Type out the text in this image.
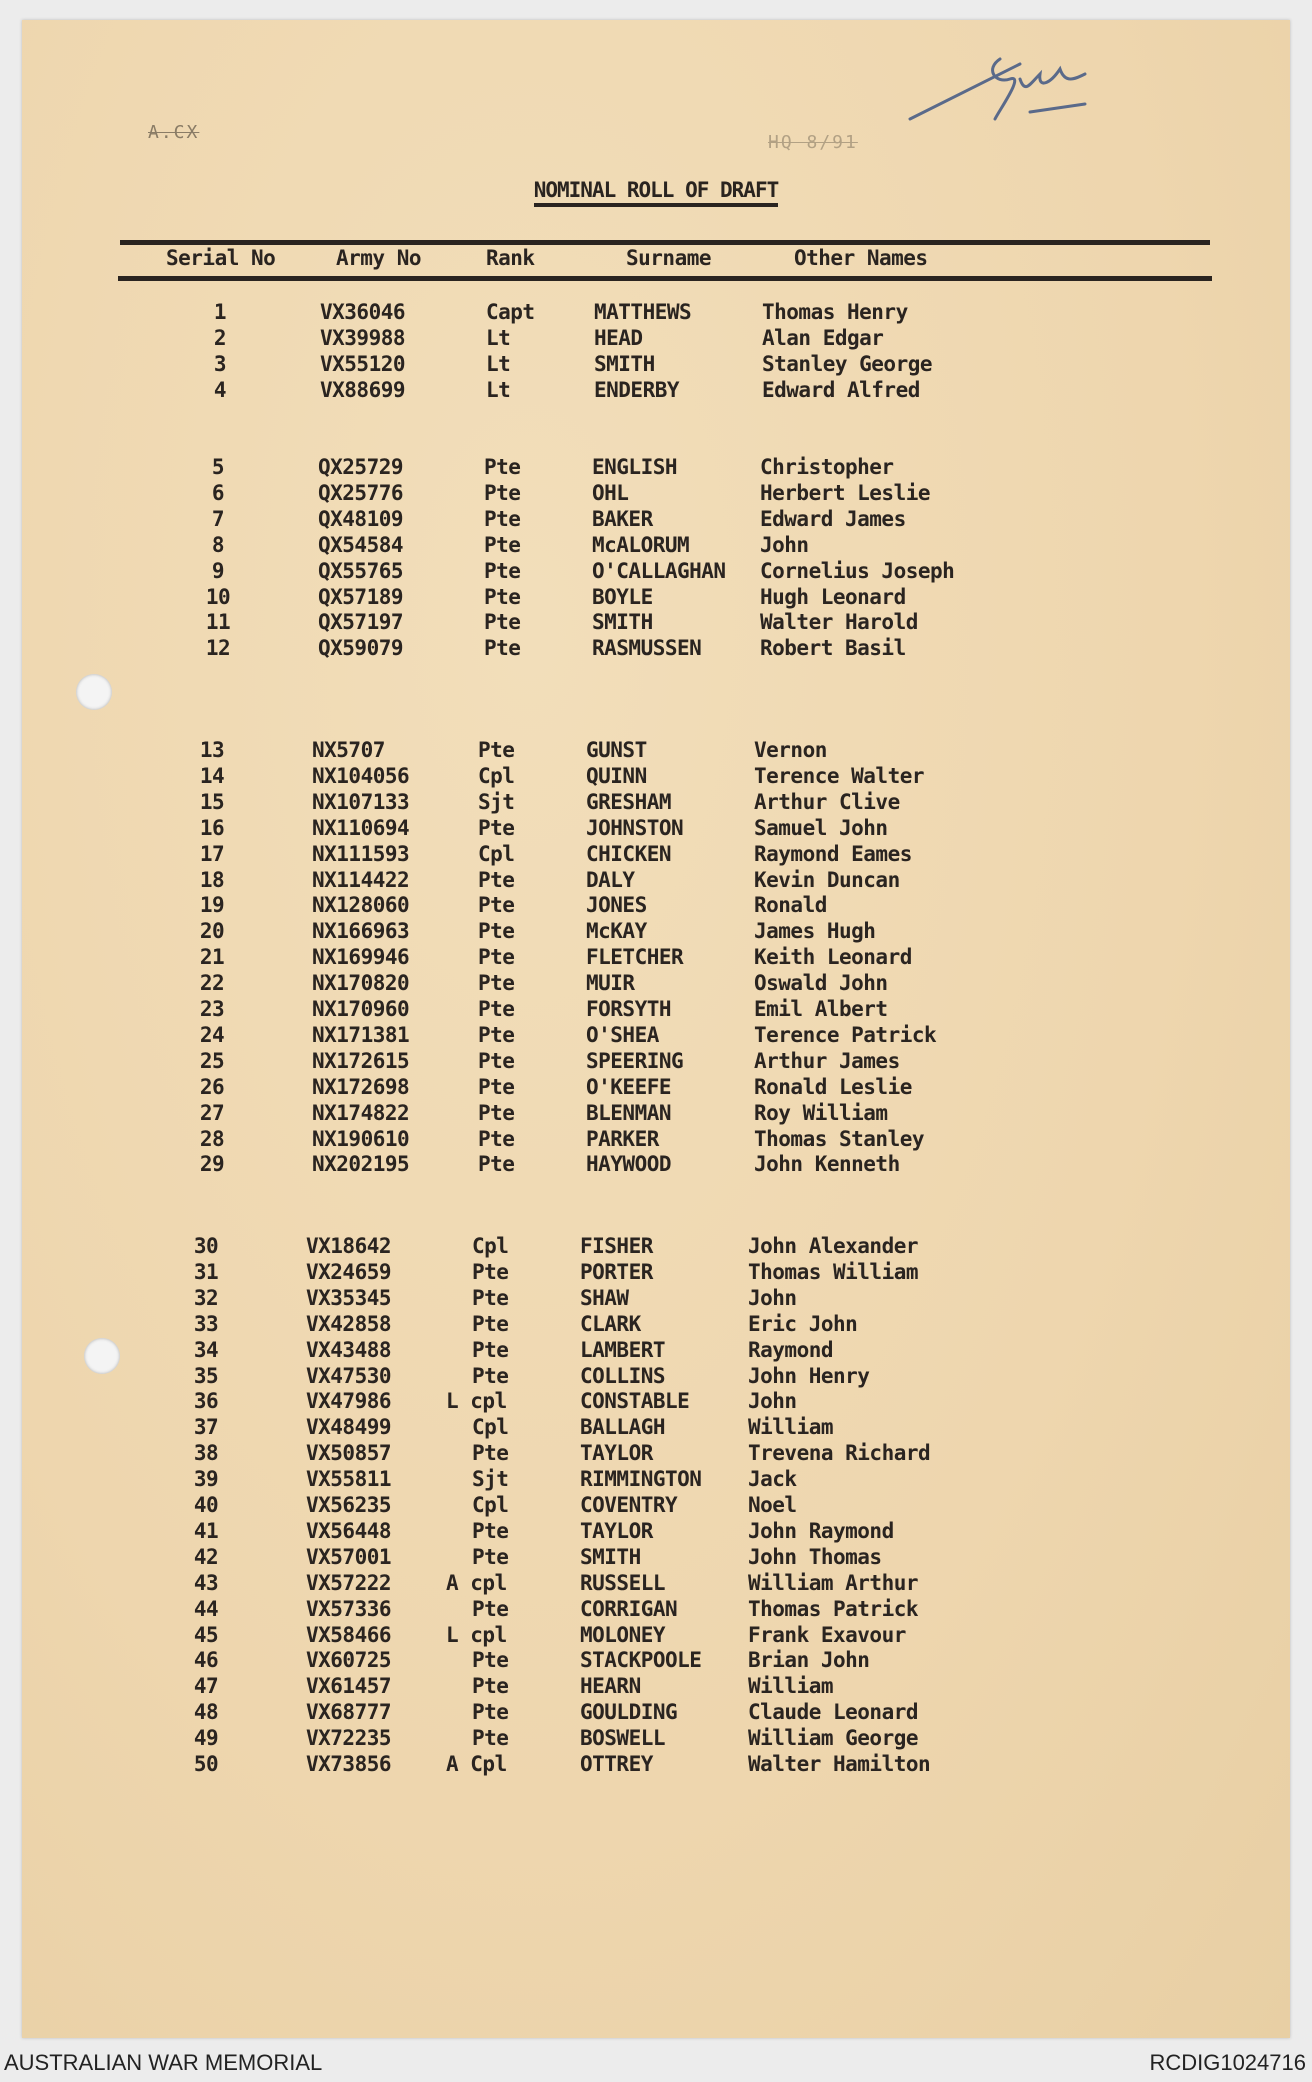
A.CX	HQ 8/91
NOMINAL ROLL OF DRAFT
Serial No	Army No	Rank	Surname	Other Names
1	VX36046	Capt	MATTHEWS	Thomas Henry
2	VX39988	Lt	HEAD	Alan Edgar
3	VX55120	Lt	SMITH	Stanley George
4	VX88699	Lt	ENDERBY	Edward Alfred
5	QX25729	Pte	ENGLISH	Christopher
6	QX25776	Pte	OHL	Herbert Leslie
7	QX48109	Pte	BAKER	Edward James
8	QX54584	Pte	McALORUM	John
9	QX55765	Pte	O'CALLAGHAN Cornelius Joseph
10	QX57189	Pte	BOYLE	Hugh Leonard
11	QX57197	Pte	SMITH	Walter Harold
12	QX59079	Pte	RASMUSSEN	Robert Basil
13	NX5707	Pte	GUNST	Vernon
14	NX104056	Cpl	QUINN	Terence Walter
15	NX107133	Sjt	GRESHAM	Arthur Clive
16	NX110694	Pte	JOHNSTON	Samuel John
17	NX111593	Cpl	CHICKEN	Raymond Eames
18	NX114422	Pte	DALY	Kevin Duncan
19	NX128060	Pte	JONES	Ronald
20	NX166963	Pte	McKAY	James Hugh
21	NX169946	Pte	FLETCHER	Keith Leonard
22	NX170820	Pte	MUIR	Oswald John
23	NX170960	Pte	FORSYTH	Emil Albert
24	NX171381	Pte	O'SHEA	Terence Patrick
25	NX172615	Pte	SPEERING	Arthur James
26	NX172698	Pte	O'KEEFE	Ronald Leslie
27	NX174822	Pte	BLENMAN	Roy William
28	NX190610	Pte	PARKER	Thomas Stanley
29	NX202195	Pte	HAYWOOD	John Kenneth
30	VX18642	Cpl	FISHER	John Alexander
31	VX24659	Pte	PORTER	Thomas William
32	VX35345	Pte	SHAW	John
33	VX42858	Pte	CLARK	Eric John
34	VX43488	Pte	LAMBERT	Raymond
35	VX47530	Pte	COLLINS	John Henry
36	VX47986	L cpl	CONSTABLE	John
37	VX48499	Cpl	BALLAGH	William
38	VX50857	Pte	TAYLOR	Trevena Richard
39	VX55811	Sjt	RIMMINGTON Jack
40	VX56235	Cpl	COVENTRY	Noel
41	VX56448	Pte	TAYLOR	John Raymond
42	VX57001	Pte	SMITH	John Thomas
43	VX57222	A cpl	RUSSELL	William Arthur
44	VX57336	Pte	CORRIGAN	Thomas Patrick
45	VX58466	L cpl	MOLONEY	Frank Exavour
46	VX60725	Pte	STACKPOOLE Brian John
47	VX61457	Pte	HEARN	William
48	VX68777	Pte	GOULDING	Claude Leonard
49	VX72235	Pte	BOSWELL	William George
50	VX73856	A Cpl	OTTREY	Walter Hamilton
AUSTRALIAN WAR MEMORIAL	RCDIG1024716
